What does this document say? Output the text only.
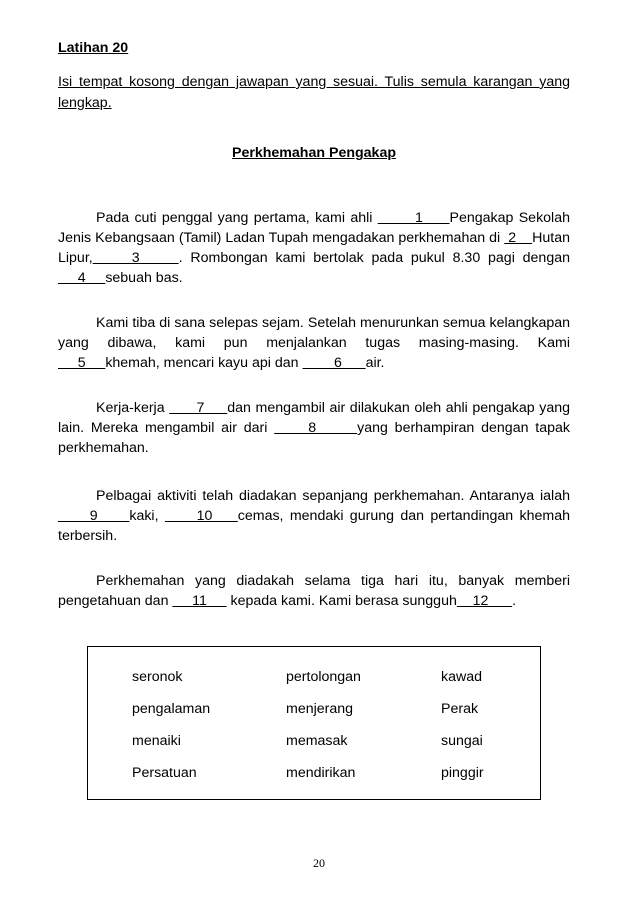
Latihan 20
Isi tempat kosong dengan jawapan yang sesuai. Tulis semula karangan yang lengkap.
Perkhemahan Pengakap
Pada cuti penggal yang pertama, kami ahli        1     Pengakap Sekolah Jenis Kebangsaan (Tamil) Ladan Tupah mengadakan perkhemahan di  2    Hutan Lipur,     3     . Rombongan kami bertolak pada pukul 8.30 pagi dengan      4     sebuah bas.
Kami tiba di sana selepas sejam. Setelah menurunkan semua kelangkapan yang dibawa, kami pun menjalankan tugas masing-masing. Kami      5     khemah, mencari kayu api dan         6      air.
Kerja-kerja       7     dan mengambil air dilakukan oleh ahli pengakap yang lain. Mereka mengambil air dari      8      yang berhampiran dengan tapak perkhemahan.
Pelbagai aktiviti telah diadakan sepanjang perkhemahan. Antaranya ialah      9     kaki,      10    cemas, mendaki gurung dan pertandingan khemah terbersih.
Perkhemahan yang diadakah selama tiga hari itu, banyak memberi pengetahuan dan      11      kepada kami. Kami berasa sungguh    12      .
seronok	pertolongan	kawad
pengalaman	menjerang	Perak
menaiki	memasak	sungai
Persatuan	mendirikan	pinggir
20
